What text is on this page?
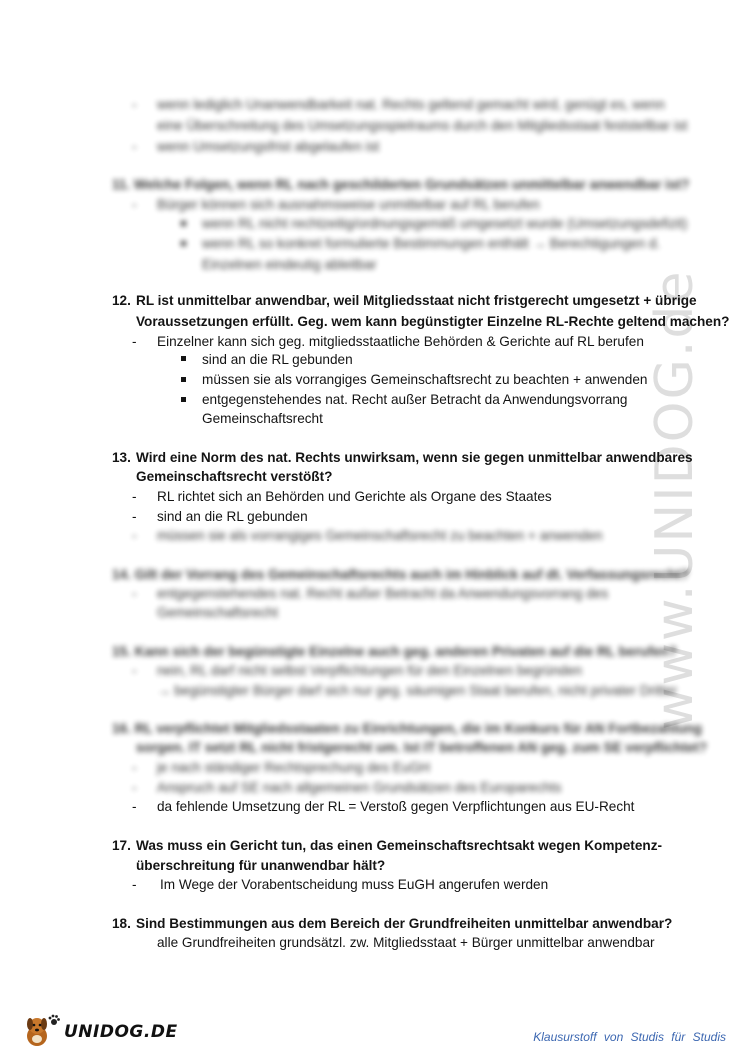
www.UNIDOG.de
- wenn lediglich Unanwendbarkeit nat. Rechts geltend gemacht wird, genügt es, wenn
eine Überschreitung des Umsetzungsspielraums durch den Mitgliedsstaat feststellbar ist
- wenn Umsetzungsfrist abgelaufen ist
11. Welche Folgen, wenn RL nach geschilderten Grundsätzen unmittelbar anwendbar ist?
- Bürger können sich ausnahmsweise unmittelbar auf RL berufen
wenn RL nicht rechtzeitig/ordnungsgemäß umgesetzt wurde (Umsetzungsdefizit)
wenn RL so konkret formulierte Bestimmungen enthält → Berechtigungen d.
Einzelnen eindeutig ableitbar
12. RL ist unmittelbar anwendbar, weil Mitgliedsstaat nicht fristgerecht umgesetzt + übrige
Voraussetzungen erfüllt. Geg. wem kann begünstigter Einzelne RL-Rechte geltend machen?
- Einzelner kann sich geg. mitgliedsstaatliche Behörden & Gerichte auf RL berufen
sind an die RL gebunden
müssen sie als vorrangiges Gemeinschaftsrecht zu beachten + anwenden
entgegenstehendes nat. Recht außer Betracht da Anwendungsvorrang
Gemeinschaftsrecht
13. Wird eine Norm des nat. Rechts unwirksam, wenn sie gegen unmittelbar anwendbares
Gemeinschaftsrecht verstößt?
- RL richtet sich an Behörden und Gerichte als Organe des Staates
- sind an die RL gebunden
- müssen sie als vorrangiges Gemeinschaftsrecht zu beachten + anwenden
14. Gilt der Vorrang des Gemeinschaftsrechts auch im Hinblick auf dt. Verfassungsrecht?
- entgegenstehendes nat. Recht außer Betracht da Anwendungsvorrang des
Gemeinschaftsrecht
15. Kann sich der begünstigte Einzelne auch geg. anderen Privaten auf die RL berufen?
- nein, RL darf nicht selbst Verpflichtungen für den Einzelnen begründen
→ begünstigter Bürger darf sich nur geg. säumigen Staat berufen, nicht privater Dritter
16. RL verpflichtet Mitgliedsstaaten zu Einrichtungen, die im Konkurs für AN Fortbezahlung
sorgen. IT setzt RL nicht fristgerecht um. Ist IT betroffenen AN geg. zum SE verpflichtet?
- je nach ständiger Rechtsprechung des EuGH
- Anspruch auf SE nach allgemeinen Grundsätzen des Europarechts
- da fehlende Umsetzung der RL = Verstoß gegen Verpflichtungen aus EU-Recht
17. Was muss ein Gericht tun, das einen Gemeinschaftsrechtsakt wegen Kompetenz-
überschreitung für unanwendbar hält?
- Im Wege der Vorabentscheidung muss EuGH angerufen werden
18. Sind Bestimmungen aus dem Bereich der Grundfreiheiten unmittelbar anwendbar?
alle Grundfreiheiten grundsätzl. zw. Mitgliedsstaat + Bürger unmittelbar anwendbar
UNIDOG.DE	Klausurstoff von Studis für Studis
